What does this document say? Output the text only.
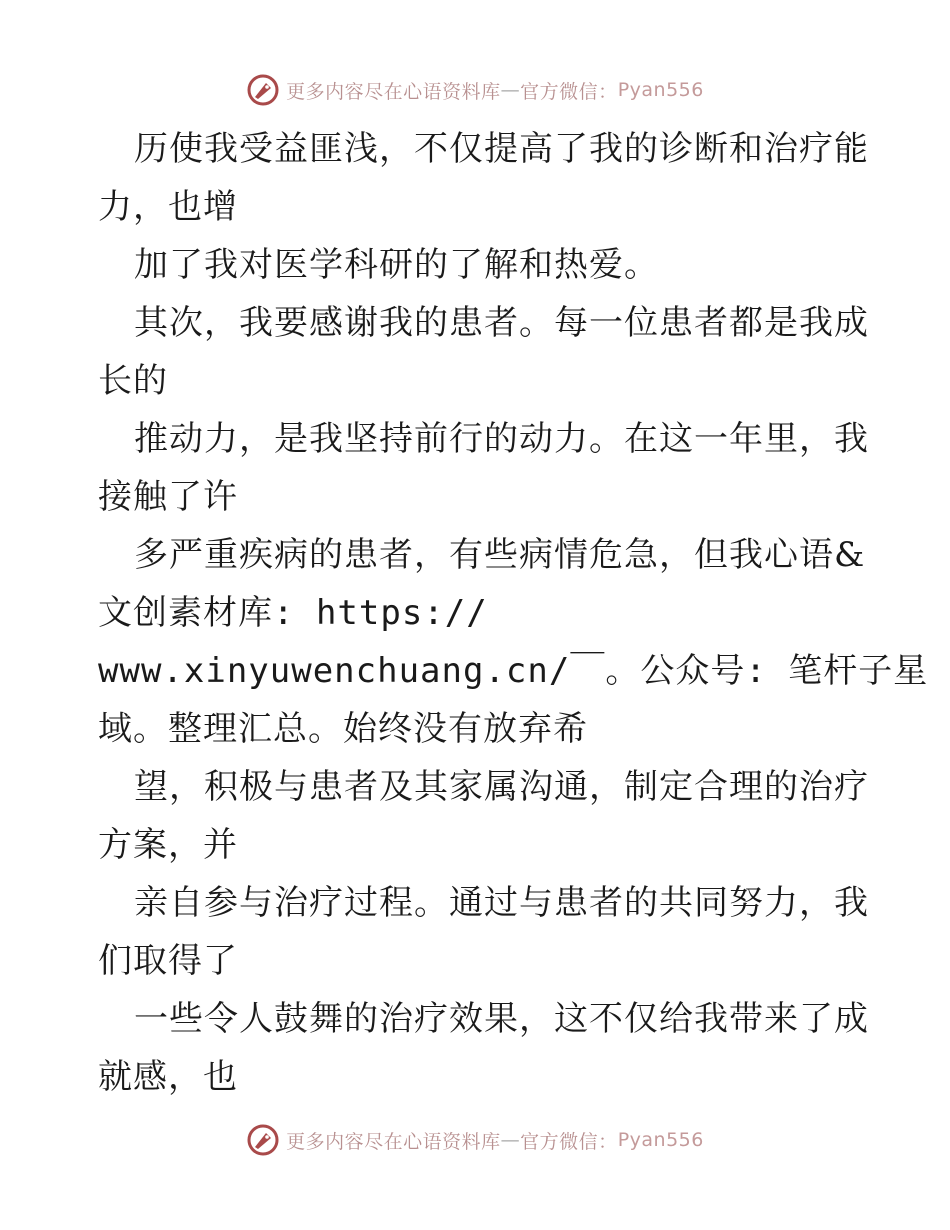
更多内容尽在心语资料库 — 官方微信： Pyan556
历使我受益匪浅，不仅提高了我的诊断和治疗能
力，也增
加了我对医学科研的了解和热爱。
其次，我要感谢我的患者。每一位患者都是我成
长的
推动力，是我坚持前行的动力。在这一年里，我
接触了许
多严重疾病的患者，有些病情危急，但我心语&
文创素材库: https://
www.xinyuwenchuang.cn/￣。公众号: 笔杆子星
域。整理汇总。始终没有放弃希
望，积极与患者及其家属沟通，制定合理的治疗
方案，并
亲自参与治疗过程。通过与患者的共同努力，我
们取得了
一些令人鼓舞的治疗效果，这不仅给我带来了成
就感，也
更多内容尽在心语资料库 — 官方微信： Pyan556
